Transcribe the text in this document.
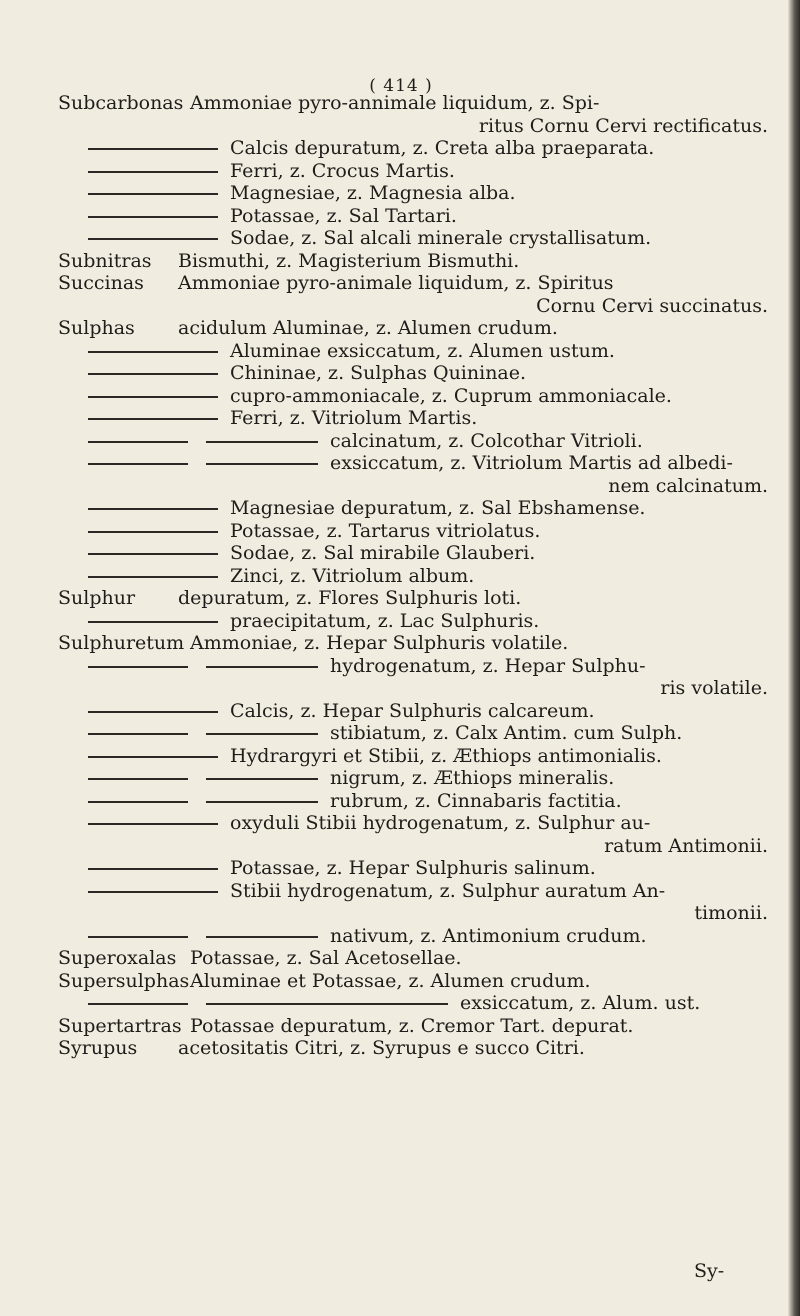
( 414 )
Subcarbonas Ammoniae pyro-annimale liquidum, z. Spi-
ritus Cornu Cervi rectificatus.
Calcis depuratum, z. Creta alba praeparata.
Ferri, z. Crocus Martis.
Magnesiae, z. Magnesia alba.
Potassae, z. Sal Tartari.
Sodae, z. Sal alcali minerale crystallisatum.
Subnitras Bismuthi, z. Magisterium Bismuthi.
Succinas Ammoniae pyro-animale liquidum, z. Spiritus
Cornu Cervi succinatus.
Sulphas acidulum Aluminae, z. Alumen crudum.
Aluminae exsiccatum, z. Alumen ustum.
Chininae, z. Sulphas Quininae.
cupro-ammoniacale, z. Cuprum ammoniacale.
Ferri, z. Vitriolum Martis.
calcinatum, z. Colcothar Vitrioli.
exsiccatum, z. Vitriolum Martis ad albedi-
nem calcinatum.
Magnesiae depuratum, z. Sal Ebshamense.
Potassae, z. Tartarus vitriolatus.
Sodae, z. Sal mirabile Glauberi.
Zinci, z. Vitriolum album.
Sulphur depuratum, z. Flores Sulphuris loti.
praecipitatum, z. Lac Sulphuris.
Sulphuretum Ammoniae, z. Hepar Sulphuris volatile.
hydrogenatum, z. Hepar Sulphu-
ris volatile.
Calcis, z. Hepar Sulphuris calcareum.
stibiatum, z. Calx Antim. cum Sulph.
Hydrargyri et Stibii, z. Æthiops antimonialis.
nigrum, z. Æthiops mineralis.
rubrum, z. Cinnabaris factitia.
oxyduli Stibii hydrogenatum, z. Sulphur au-
ratum Antimonii.
Potassae, z. Hepar Sulphuris salinum.
Stibii hydrogenatum, z. Sulphur auratum An-
timonii.
nativum, z. Antimonium crudum.
Superoxalas Potassae, z. Sal Acetosellae.
Supersulphas Aluminae et Potassae, z. Alumen crudum.
exsiccatum, z. Alum. ust.
Supertartras Potassae depuratum, z. Cremor Tart. depurat.
Syrupus acetositatis Citri, z. Syrupus e succo Citri.
Sy-
